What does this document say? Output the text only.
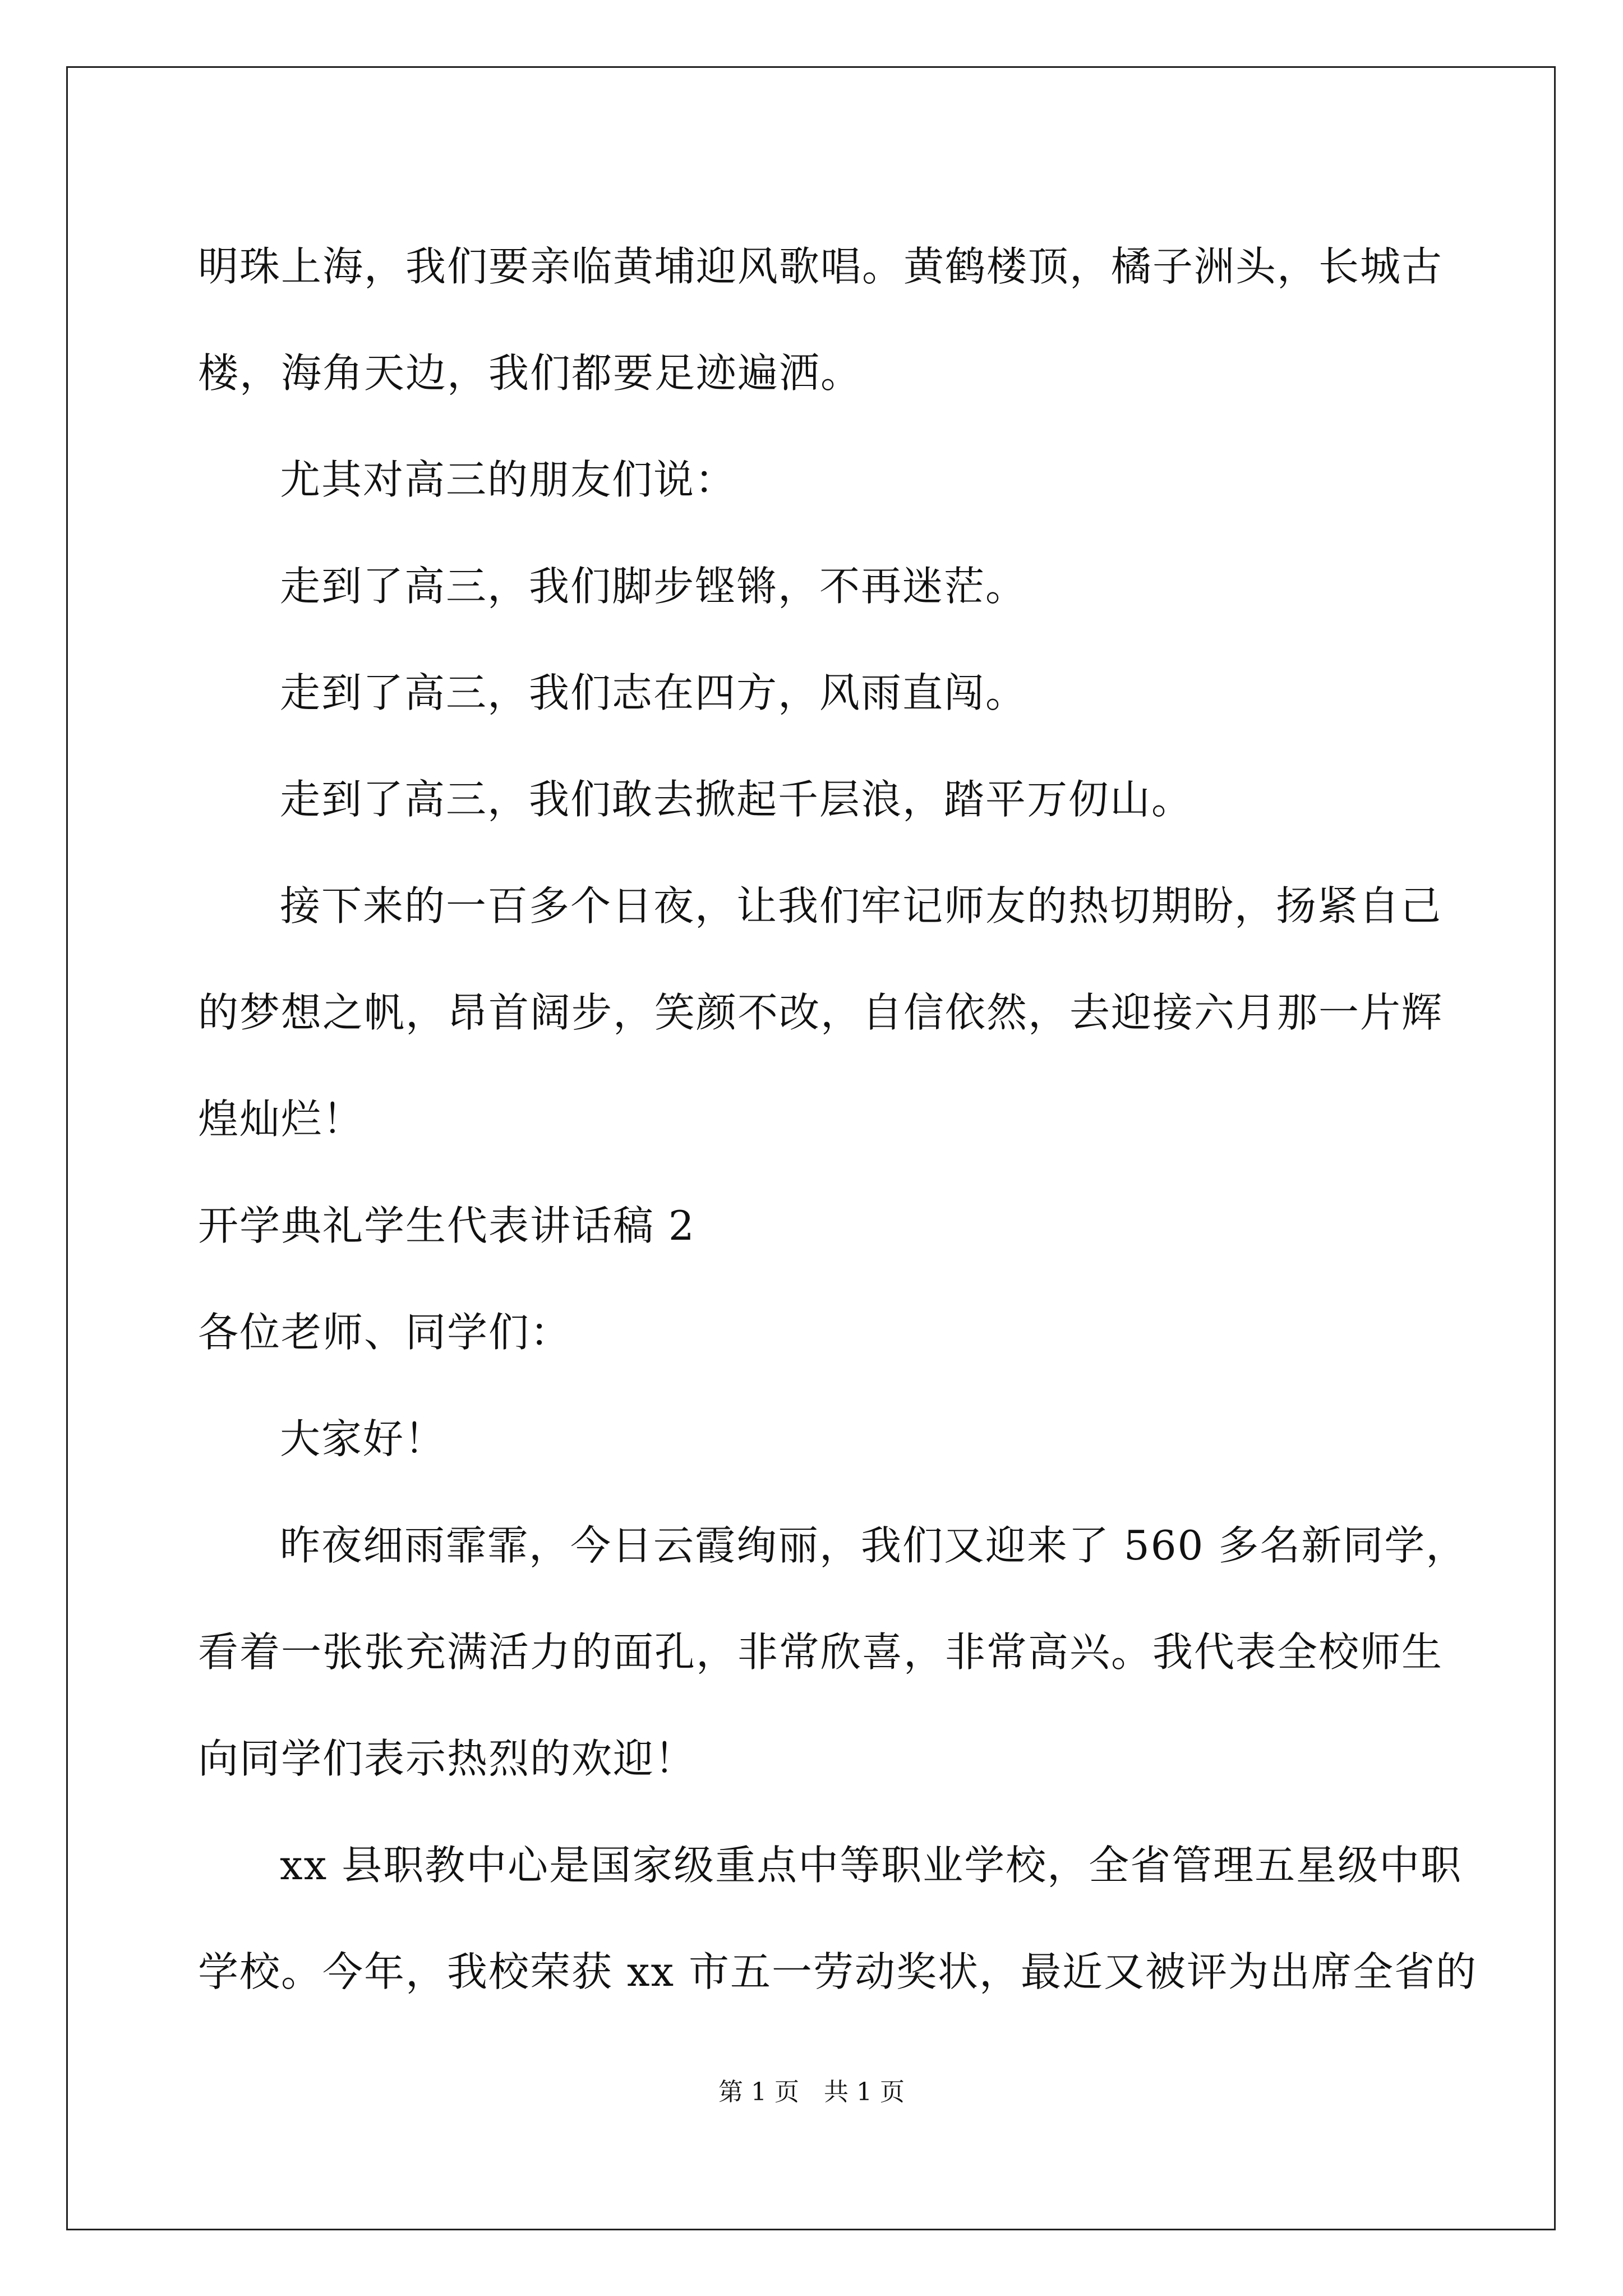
明珠上海，我们要亲临黄埔迎风歌唱。黄鹤楼顶，橘子洲头，长城古
楼，海角天边，我们都要足迹遍洒。
尤其对高三的朋友们说：
走到了高三，我们脚步铿锵，不再迷茫。
走到了高三，我们志在四方，风雨直闯。
走到了高三，我们敢去掀起千层浪，踏平万仞山。
接下来的一百多个日夜，让我们牢记师友的热切期盼，扬紧自己
的梦想之帆，昂首阔步，笑颜不改，自信依然，去迎接六月那一片辉
煌灿烂！
开学典礼学生代表讲话稿 2
各位老师、同学们：
大家好！
昨夜细雨霏霏，今日云霞绚丽，我们又迎来了 560 多名新同学，
看着一张张充满活力的面孔，非常欣喜，非常高兴。我代表全校师生
向同学们表示热烈的欢迎！
xx 县职教中心是国家级重点中等职业学校，全省管理五星级中职
学校。今年，我校荣获 xx 市五一劳动奖状，最近又被评为出席全省的
第 1 页 共 1 页
